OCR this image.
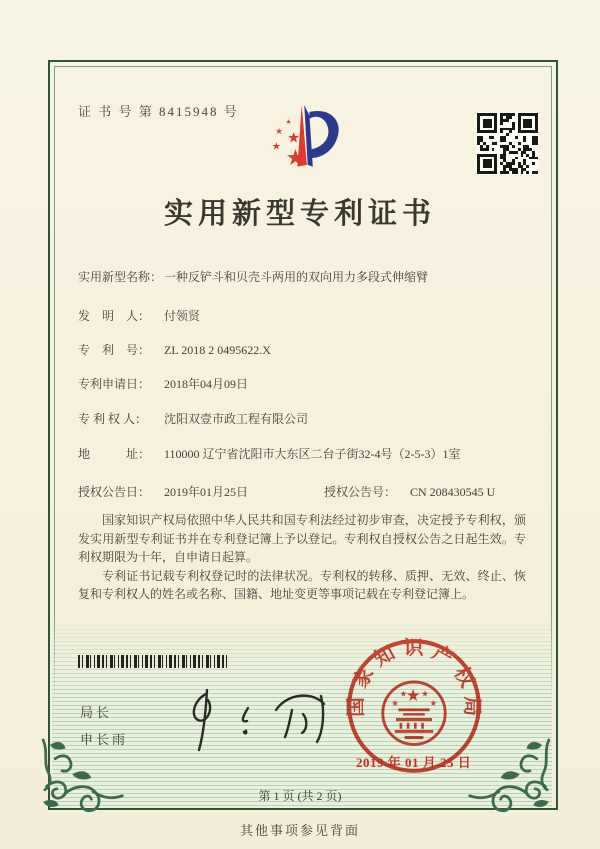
证 书 号 第 8415948 号
★
★
★
★
★
实用新型专利证书
实用新型名称： 一种反铲斗和贝壳斗两用的双向用力多段式伸缩臂
发　明　人：	付领贤
专　利　号：	ZL 2018 2 0495622.X
专利申请日：	2018年04月09日
专 利 权 人：	沈阳双壹市政工程有限公司
地　　　址：	110000 辽宁省沈阳市大东区二台子街32-4号（2-5-3）1室
授权公告日：	2019年01月25日	授权公告号：	CN 208430545 U

国家知识产权局依照中华人民共和国专利法经过初步审查，决定授予专利权，颁发实用新型专利证书并在专利登记簿上予以登记。专利权自授权公告之日起生效。专利权期限为十年，自申请日起算。

专利证书记载专利权登记时的法律状况。专利权的转移、质押、无效、终止、恢复和专利权人的姓名或名称、国籍、地址变更等事项记载在专利登记簿上。

局长
申长雨
国家知识产权局
★
★
★ ★
★
2019 年 01 月 25 日
第 1 页 (共 2 页)
其他事项参见背面
